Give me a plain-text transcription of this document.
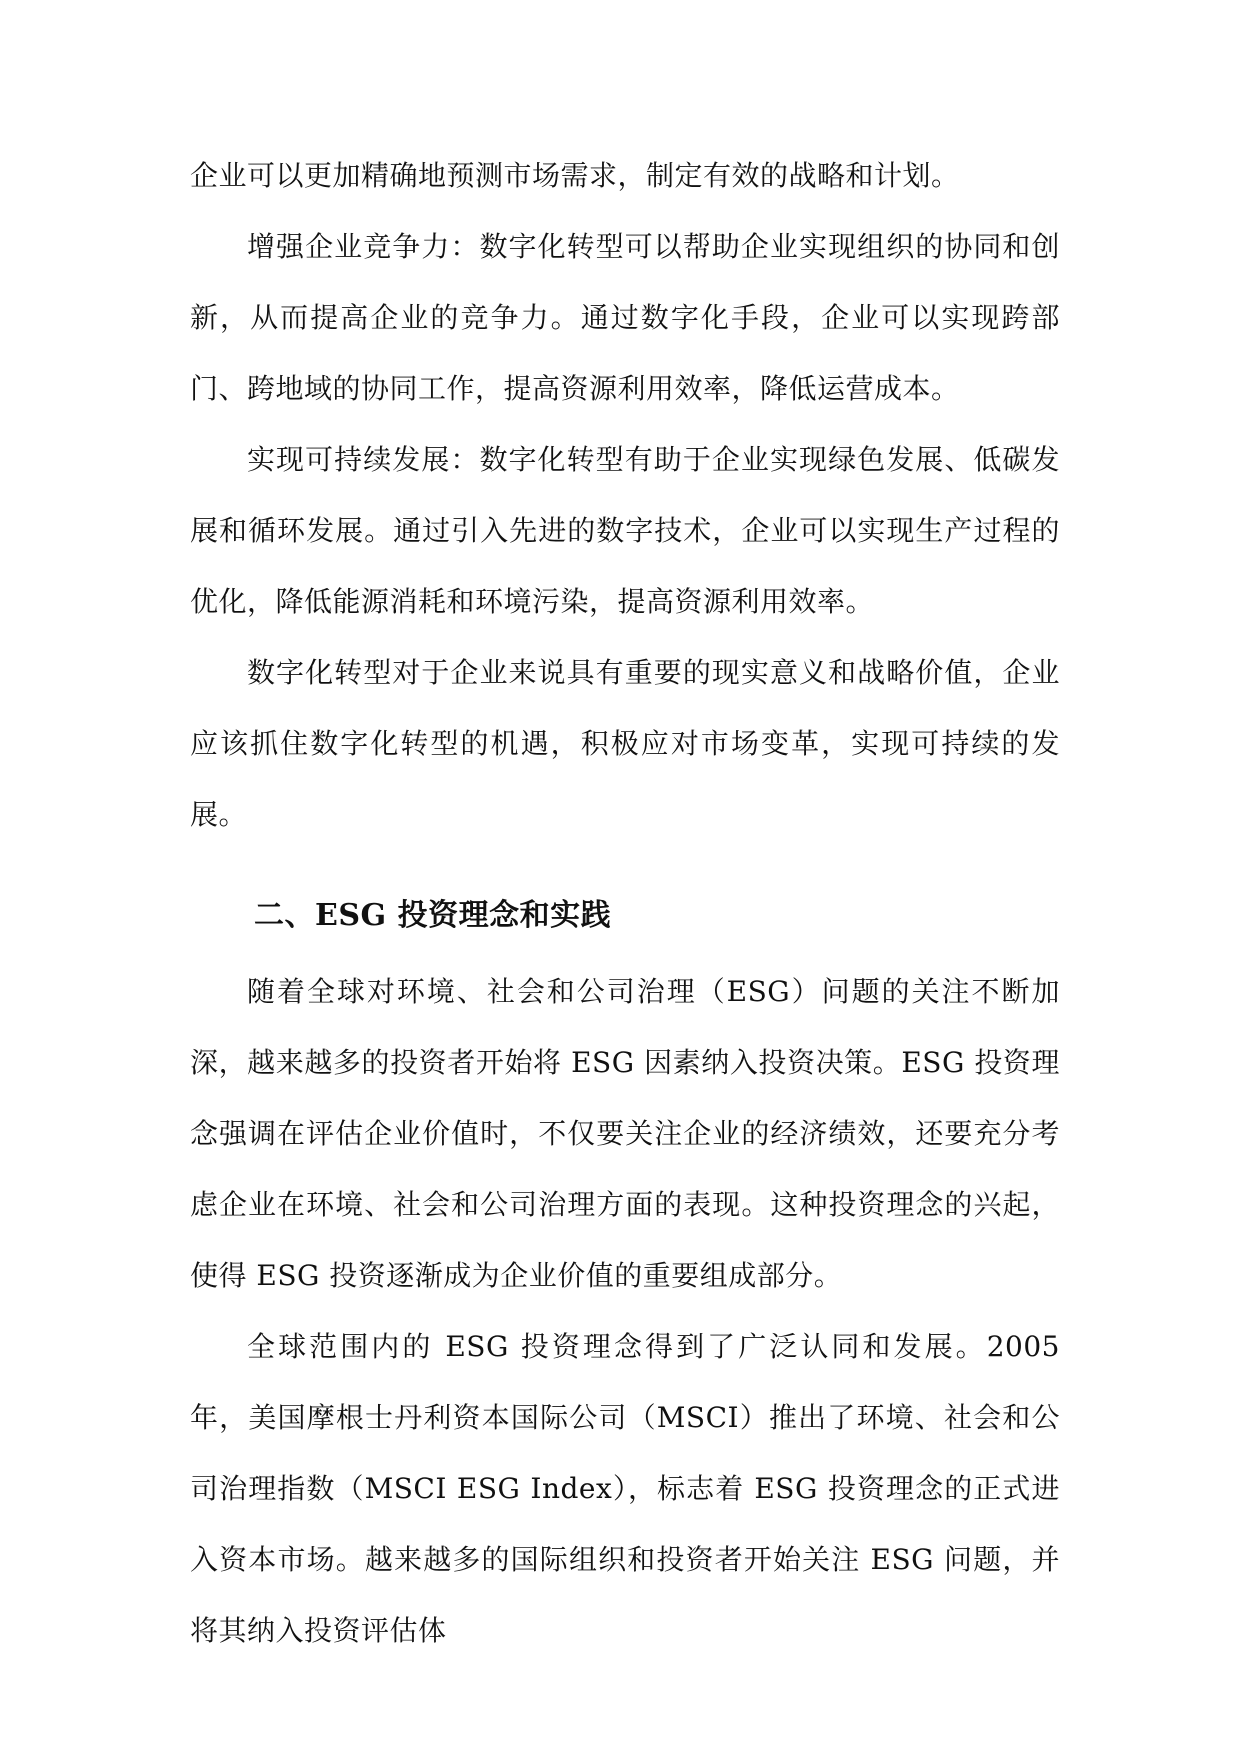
企业可以更加精确地预测市场需求，制定有效的战略和计划。

增强企业竞争力：数字化转型可以帮助企业实现组织的协同和创新，从而提高企业的竞争力。通过数字化手段，企业可以实现跨部门、跨地域的协同工作，提高资源利用效率，降低运营成本。

实现可持续发展：数字化转型有助于企业实现绿色发展、低碳发展和循环发展。通过引入先进的数字技术，企业可以实现生产过程的优化，降低能源消耗和环境污染，提高资源利用效率。

数字化转型对于企业来说具有重要的现实意义和战略价值，企业应该抓住数字化转型的机遇，积极应对市场变革，实现可持续的发展。

二、ESG 投资理念和实践

随着全球对环境、社会和公司治理（ESG）问题的关注不断加深，越来越多的投资者开始将 ESG 因素纳入投资决策。ESG 投资理念强调在评估企业价值时，不仅要关注企业的经济绩效，还要充分考虑企业在环境、社会和公司治理方面的表现。这种投资理念的兴起，使得 ESG 投资逐渐成为企业价值的重要组成部分。

全球范围内的 ESG 投资理念得到了广泛认同和发展。2005 年，美国摩根士丹利资本国际公司（MSCI）推出了环境、社会和公司治理指数（MSCI ESG Index），标志着 ESG 投资理念的正式进入资本市场。越来越多的国际组织和投资者开始关注 ESG 问题，并将其纳入投资评估体
